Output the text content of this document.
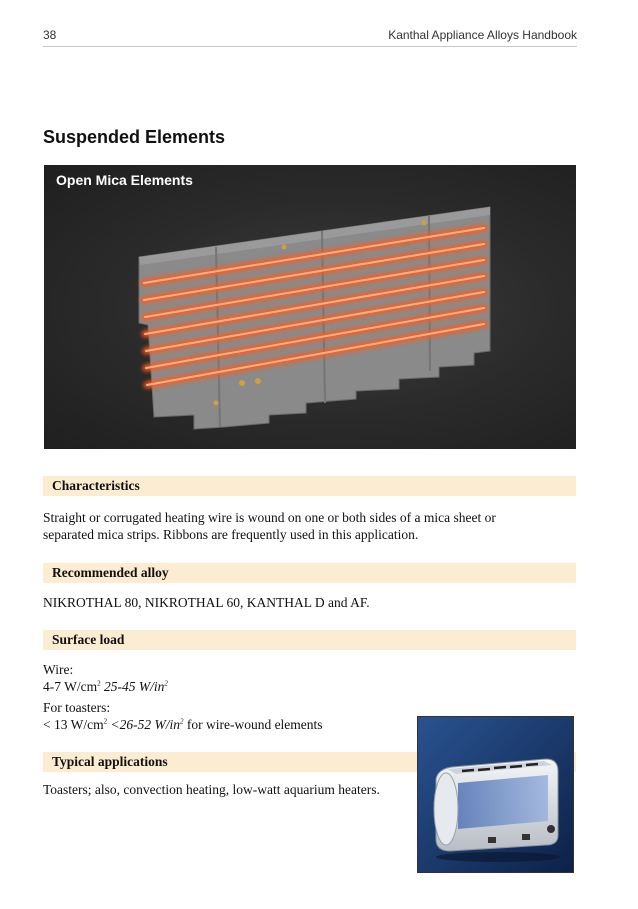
38	Kanthal Appliance Alloys Handbook
Suspended Elements
Open Mica Elements
Characteristics

Straight or corrugated heating wire is wound on one or both sides of a mica sheet or

separated mica strips. Ribbons are frequently used in this application.

Recommended alloy
NIKROTHAL 80, NIKROTHAL 60, KANTHAL D and AF.
Surface load

Wire:

4-7 $W/cm^2$ 25-45 $W/in^2$

For toasters:

< 13 $W/cm^2 <26-52$ $W/in^2$ for wire-wound elements

Typical applications
Toasters; also, convection heating, low-watt aquarium heaters.
